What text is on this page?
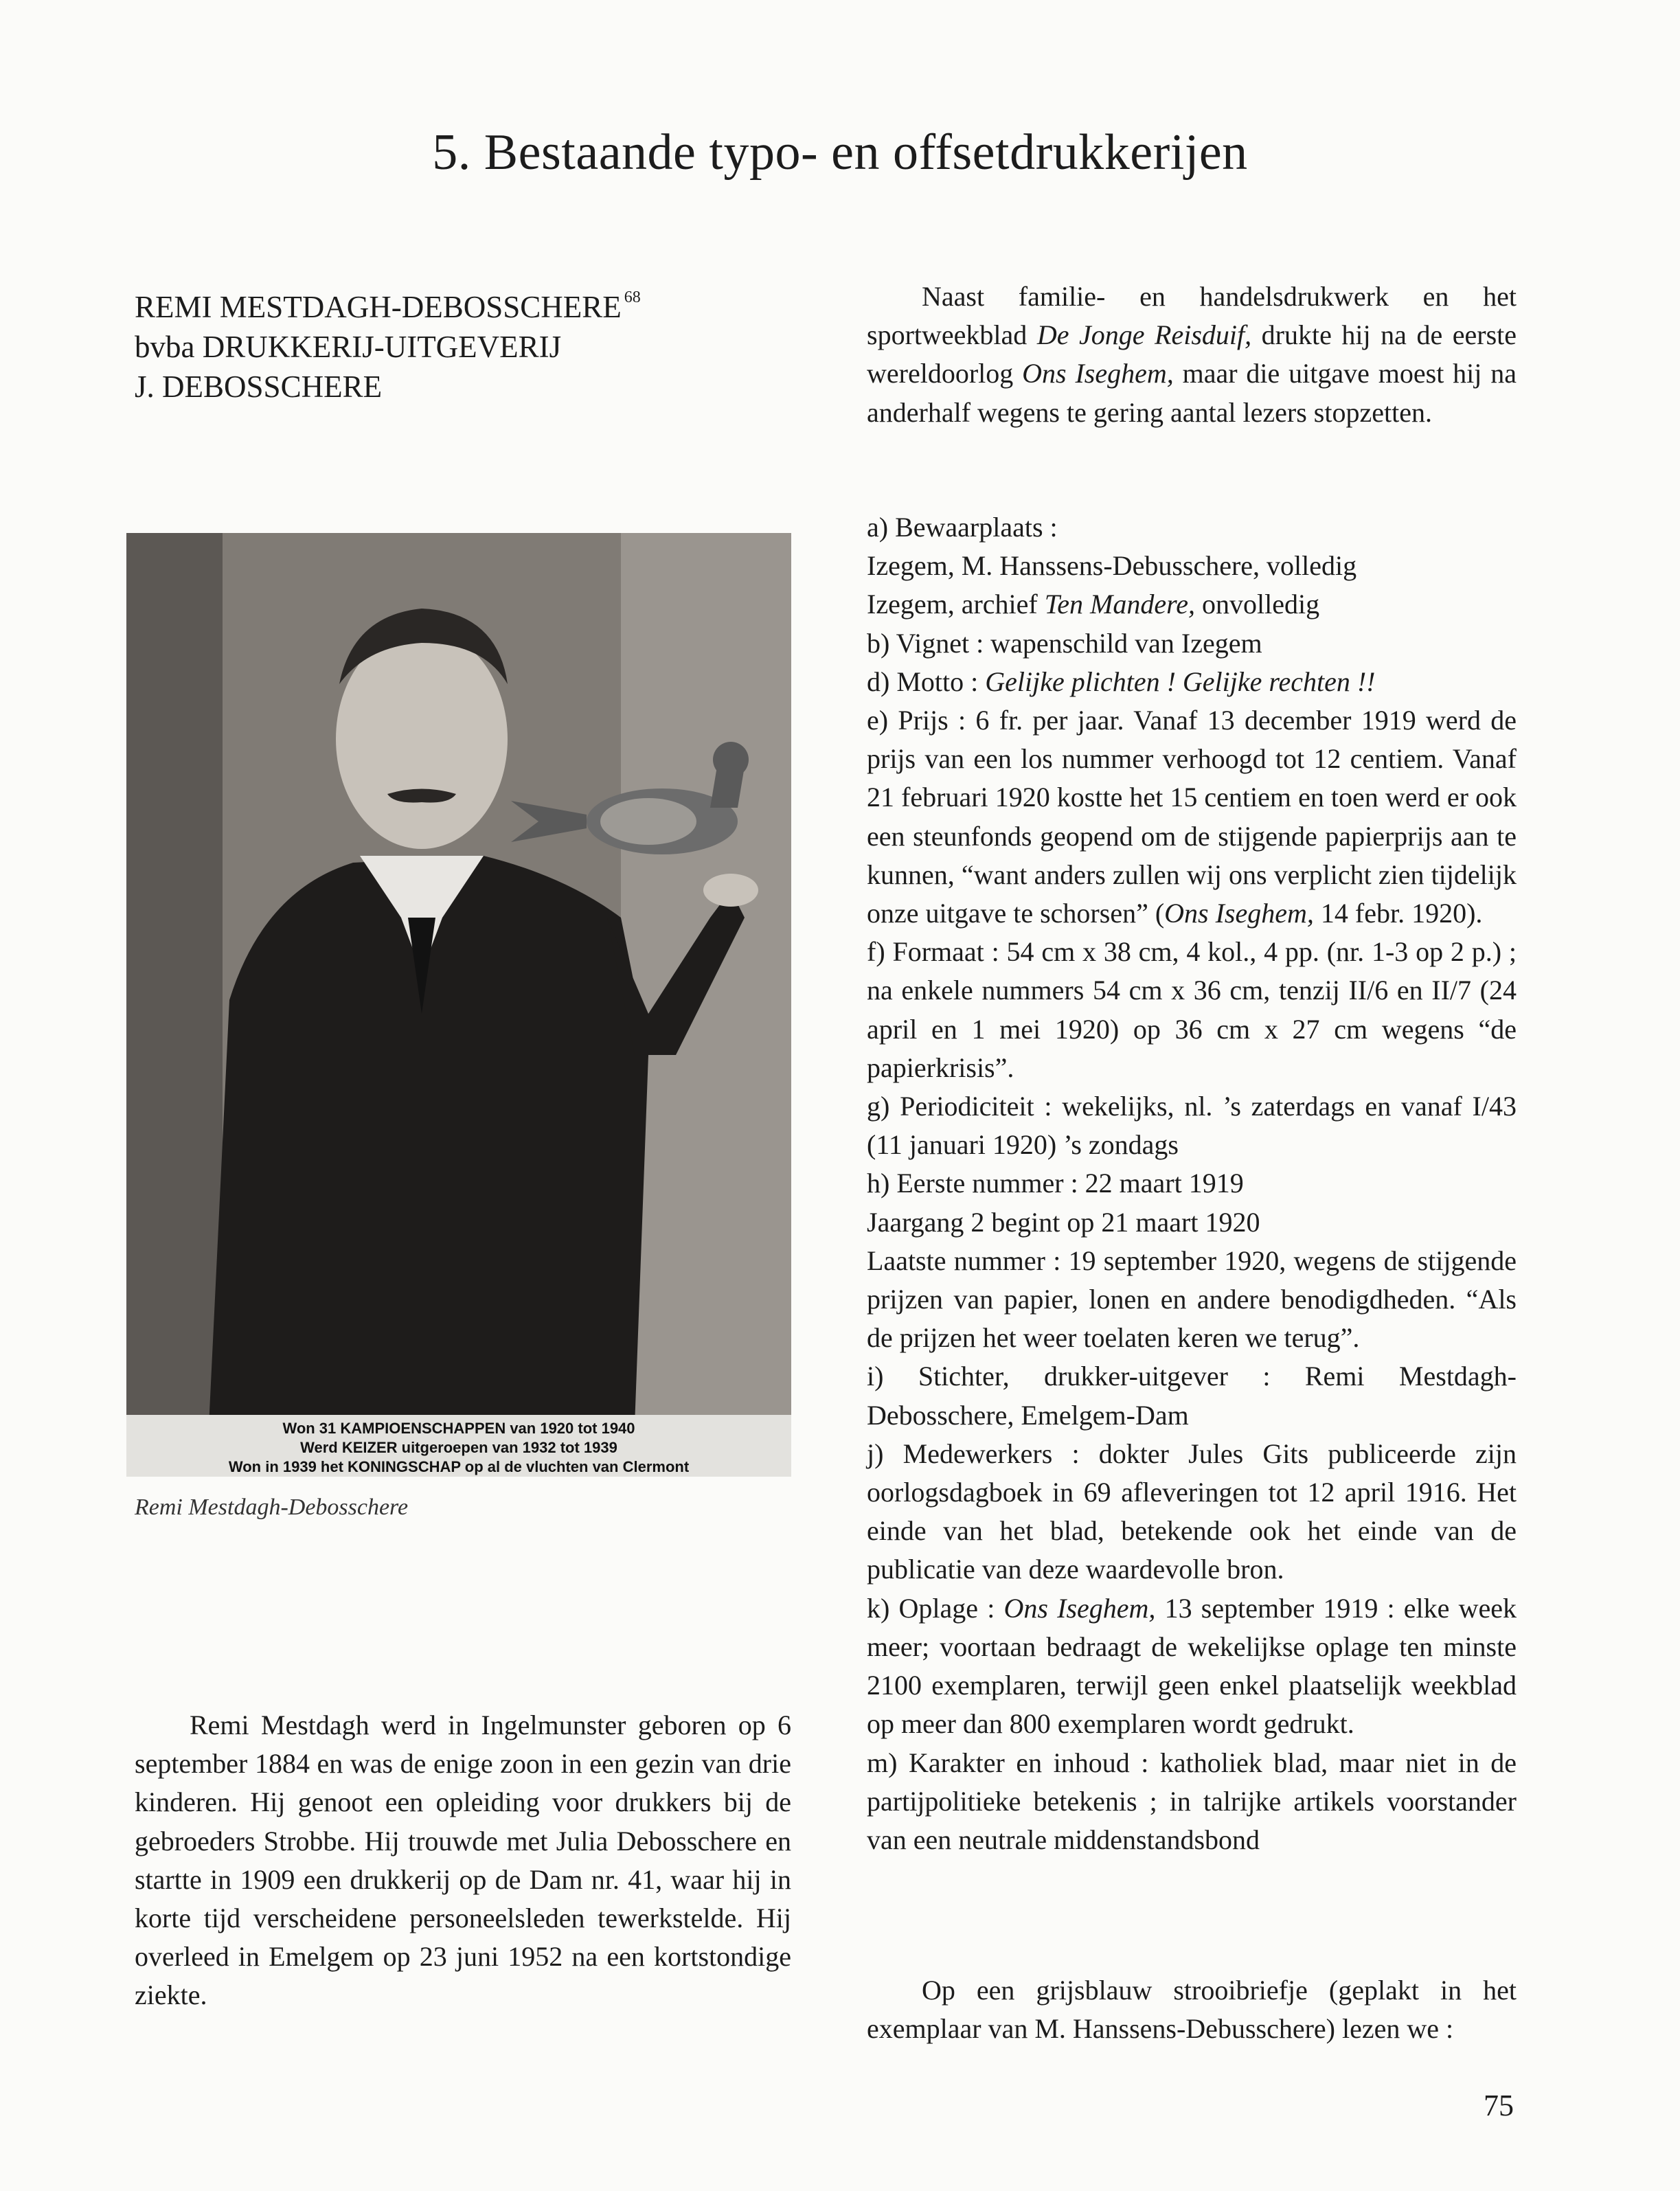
5. Bestaande typo- en offsetdrukkerijen
REMI MESTDAGH-DEBOSSCHERE $^{68}$
bvba DRUKKERIJ-UITGEVERIJ
J. DEBOSSCHERE
Won 31 KAMPIOENSCHAPPEN van 1920 tot 1940
Werd KEIZER uitgeroepen van 1932 tot 1939
Won in 1939 het KONINGSCHAP op al de vluchten van Clermont
Remi Mestdagh-Debosschere

Remi Mestdagh werd in Ingelmunster geboren op 6 september 1884 en was de enige zoon in een gezin van drie kinderen. Hij genoot een opleiding voor drukkers bij de gebroeders Strobbe. Hij trouwde met Julia Debosschere en startte in 1909 een drukkerij op de Dam nr. 41, waar hij in korte tijd verscheidene personeelsleden tewerkstelde. Hij overleed in Emelgem op 23 juni 1952 na een kortstondige ziekte.

Naast familie- en handelsdrukwerk en het sportweekblad De Jonge Reisduif, drukte hij na de eerste wereldoorlog Ons Iseghem, maar die uitgave moest hij na anderhalf wegens te gering aantal lezers stopzetten.

a) Bewaarplaats :

Izegem, M. Hanssens-Debusschere, volledig

Izegem, archief Ten Mandere, onvolledig

b) Vignet : wapenschild van Izegem

d) Motto : Gelijke plichten ! Gelijke rechten !!

e) Prijs : 6 fr. per jaar. Vanaf 13 december 1919 werd de prijs van een los nummer verhoogd tot 12 centiem. Vanaf 21 februari 1920 kostte het 15 centiem en toen werd er ook een steunfonds geopend om de stijgende papierprijs aan te kunnen, “want anders zullen wij ons verplicht zien tijdelijk onze uitgave te schorsen” (Ons Iseghem, 14 febr. 1920).

f) Formaat : 54 cm x 38 cm, 4 kol., 4 pp. (nr. 1-3 op 2 p.) ; na enkele nummers 54 cm x 36 cm, tenzij II/6 en II/7 (24 april en 1 mei 1920) op 36 cm x 27 cm wegens “de papierkrisis”.

g) Periodiciteit : wekelijks, nl. ’s zaterdags en vanaf I/43 (11 januari 1920) ’s zondags

h) Eerste nummer : 22 maart 1919

Jaargang 2 begint op 21 maart 1920

Laatste nummer : 19 september 1920, wegens de stijgende prijzen van papier, lonen en andere benodigdheden. “Als de prijzen het weer toelaten keren we terug”.

i) Stichter, drukker-uitgever : Remi Mestdagh-Debosschere, Emelgem-Dam

j) Medewerkers : dokter Jules Gits publiceerde zijn oorlogsdagboek in 69 afleveringen tot 12 april 1916. Het einde van het blad, betekende ook het einde van de publicatie van deze waardevolle bron.

k) Oplage : Ons Iseghem, 13 september 1919 : elke week meer; voortaan bedraagt de wekelijkse oplage ten minste 2100 exemplaren, terwijl geen enkel plaatselijk weekblad op meer dan 800 exemplaren wordt gedrukt.

m) Karakter en inhoud : katholiek blad, maar niet in de partijpolitieke betekenis ; in talrijke artikels voorstander van een neutrale middenstandsbond

Op een grijsblauw strooibriefje (geplakt in het exemplaar van M. Hanssens-Debusschere) lezen we :

75
